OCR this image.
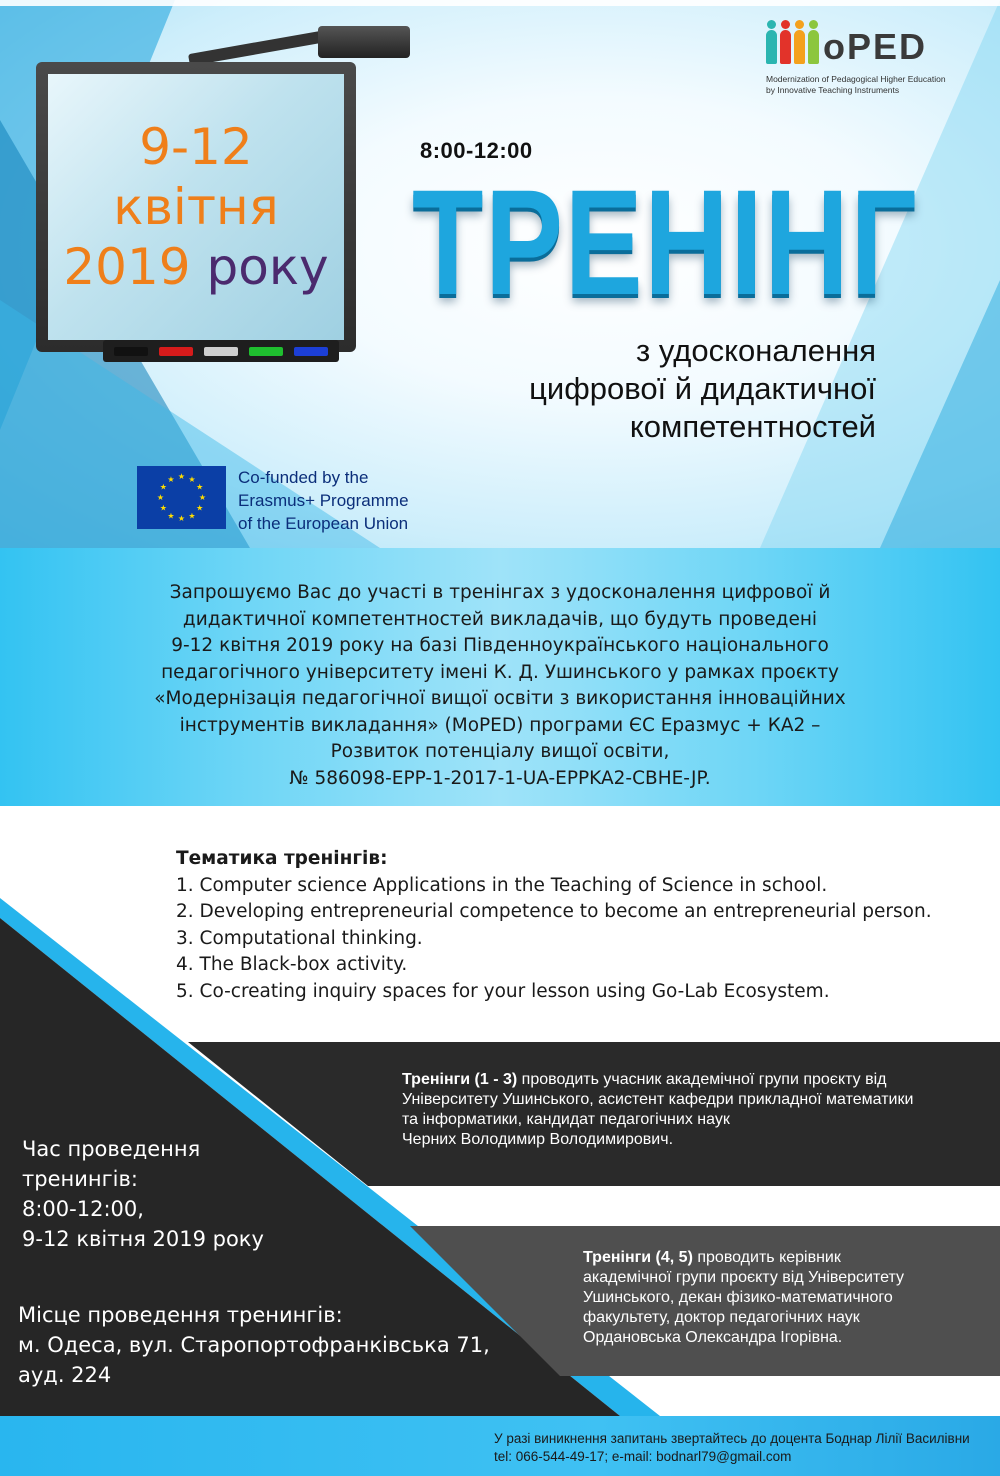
9-12
квітня
2019 року
oPED
Modernization of Pedagogical Higher Education
by Innovative Teaching Instruments
8:00-12:00
ТРЕНІНГ
з удосконалення
цифрової й дидактичної
компетентностей
★ ★
★
★
★
★
★
★
★
★
★
★	Co-funded by the
Erasmus+ Programme
of the European Union
Запрошуємо Вас до участі в тренінгах з удосконалення цифрової й
дидактичної компетентностей викладачів, що будуть проведені
9-12 квітня 2019 року на базі Південноукраїнського національного
педагогічного університету імені К. Д. Ушинського у рамках проєкту
«Модернізація педагогічної вищої освіти з використання інноваційних
інструментів викладання» (MoPED) програми ЄС Еразмус + КА2 –
Розвиток потенціалу вищої освіти,
№ 586098-EPP-1-2017-1-UA-EPPKA2-CBHE-JP.
Тематика тренінгів:
1. Computer science Applications in the Teaching of Science in school.
2. Developing entrepreneurial competence to become an entrepreneurial person.
3. Computational thinking.
4. The Black-box activity.
5. Co-creating inquiry spaces for your lesson using Go-Lab Ecosystem.
Тренінги (1 - 3) проводить учасник академічної групи проєкту від
Університету Ушинського, асистент кафедри прикладної математики
та інформатики, кандидат педагогічних наук
Черних Володимир Володимирович.
Тренінги (4, 5) проводить керівник
академічної групи проєкту від Університету
Ушинського, декан фізико-математичного
факультету, доктор педагогічних наук
Ордановська Олександра Ігорівна.
Час проведення
тренингів:
8:00-12:00,
9-12 квітня 2019 року
Місце проведення тренингів:
м. Одеса, вул. Старопортофранківська 71,
ауд. 224
У разі виникнення запитань звертайтесь до доцента Боднар Лілії Василівни
tel: 066-544-49-17; e-mail: bodnarl79@gmail.com
